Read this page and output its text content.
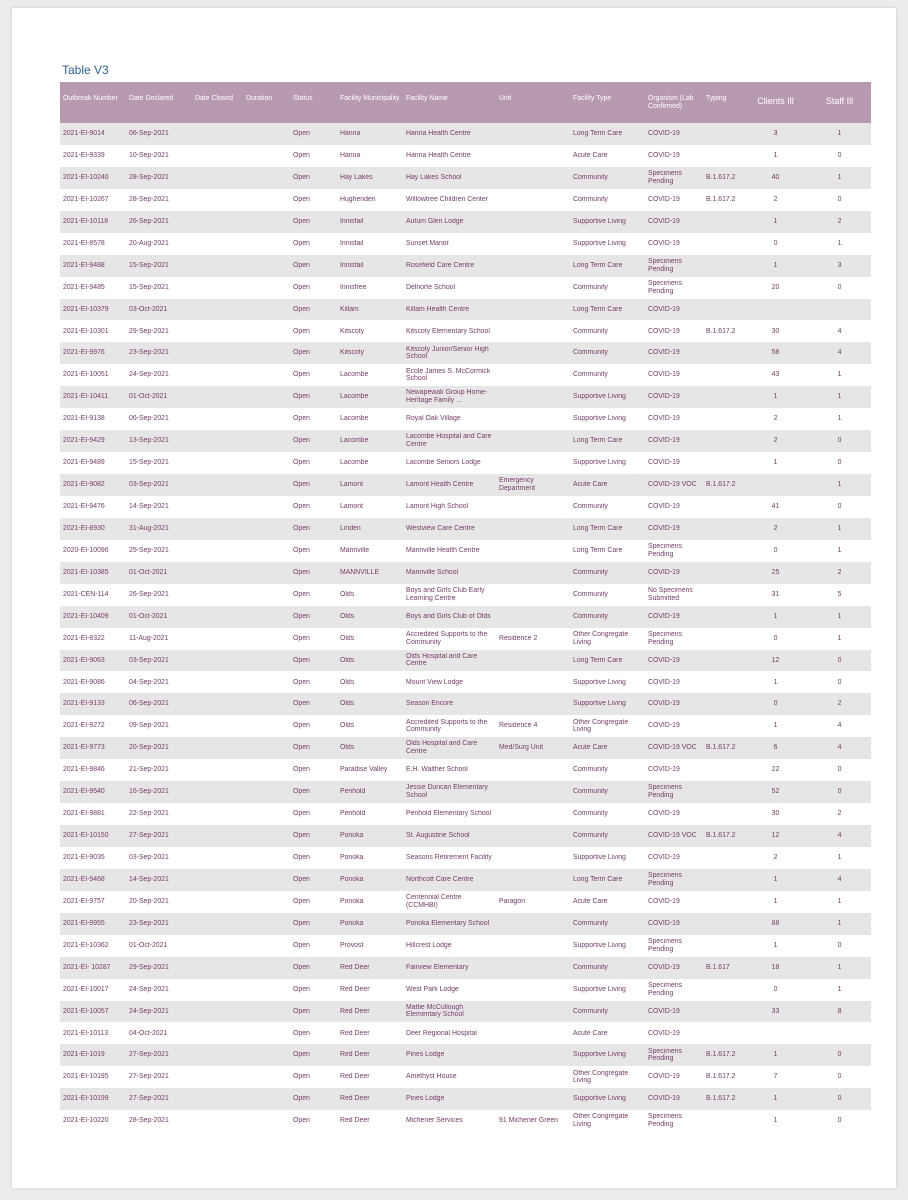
Table V3
Outbreak Number	Date Declared	Date Closed	Duration	Status	Facility Municipality	Facility Name	Unit	Facility Type	Organism (Lab Confirmed)	Typing	Clients Ill	Staff Ill

2021-EI-9014	06-Sep-2021			Open	Hanna	Hanna Health Centre		Long Term Care	COVID-19		3	1

2021-EI-9339	10-Sep-2021			Open	Hanna	Hanna Health Centre		Acute Care	COVID-19		1	0

2021-EI-10240	28-Sep-2021			Open	Hay Lakes	Hay Lakes School		Community	Specimens Pending	B.1.617.2	40	1

2021-EI-10267	28-Sep-2021			Open	Hughenden	Willowtree Children Center		Community	COVID-19	B.1.617.2	2	0

2021-EI-10118	26-Sep-2021			Open	Innisfail	Autum Glen Lodge		Supportive Living	COVID-19		1	2

2021-EI-8578	20-Aug-2021			Open	Innisfail	Sunset Manor		Supportive Living	COVID-19		0	1

2021-EI-9488	15-Sep-2021			Open	Innisfail	Rosefield Care Centre		Long Term Care	Specimens Pending		1	3

2021-EI-9485	15-Sep-2021			Open	Innisfree	Delnorte School		Community	Specimens Pending		20	0

2021-EI-10379	03-Oct-2021			Open	Killam	Killam Health Centre		Long Term Care	COVID-19			

2021-EI-10301	29-Sep-2021			Open	Kitscoty	Kitscoty Elementary School		Community	COVID-19	B.1.617.2	30	4

2021-EI-9976	23-Sep-2021			Open	Kitscoty	Kitscoty Junior/Senior High School		Community	COVID-19		58	4

2021-EI-10051	24-Sep-2021			Open	Lacombe	Ecole James S. McCormick School		Community	COVID-19		43	1

2021-EI-10411	01-Oct-2021			Open	Lacombe	Newapewak Group Home- Heritage Family ...		Supportive Living	COVID-19		1	1

2021-EI-9138	06-Sep-2021			Open	Lacombe	Royal Oak Village		Supportive Living	COVID-19		2	1

2021-EI-9429	13-Sep-2021			Open	Lacombe	Lacombe Hospital and Care Centre		Long Term Care	COVID-19		2	0

2021-EI-9489	15-Sep-2021			Open	Lacombe	Lacombe Seniors Lodge		Supportive Living	COVID-19		1	0

2021-EI-9082	03-Sep-2021			Open	Lamont	Lamont Health Centre	Emergency Department	Acute Care	COVID-19 VOC	B.1.617.2		1

2021-EI-9476	14-Sep-2021			Open	Lamont	Lamont High School		Community	COVID-19		41	0

2021-EI-8930	31-Aug-2021			Open	Linden	Westview Care Centre		Long Term Care	COVID-19		2	1

2020-EI-10096	25-Sep-2021			Open	Mannville	Mannville Health Centre		Long Term Care	Specimens Pending		0	1

2021-EI-10385	01-Oct-2021			Open	MANNVILLE	Mannville School		Community	COVID-19		25	2

2021-CEN-114	26-Sep-2021			Open	Olds	Boys and Girls Club Early Learning Centre		Community	No Specimens Submitted		31	5

2021-EI-10409	01-Oct-2021			Open	Olds	Boys and Girls Club of Olds		Community	COVID-19		1	1

2021-EI-8322	11-Aug-2021			Open	Olds	Accredited Supports to the Community	Residence 2	Other Congregate Living	Specimens Pending		0	1

2021-EI-9063	03-Sep-2021			Open	Olds	Olds Hospital and Care Centre		Long Term Care	COVID-19		12	0

2021-EI-9086	04-Sep-2021			Open	Olds	Mount View Lodge		Supportive Living	COVID-19		1	0

2021-EI-9133	06-Sep-2021			Open	Olds	Season Encore		Supportive Living	COVID-19		0	2

2021-EI-9272	09-Sep-2021			Open	Olds	Accredited Supports to the Community	Residence 4	Other Congregate Living	COVID-19		1	4

2021-EI-9773	20-Sep-2021			Open	Olds	Olds Hospital and Care Centre	Med/Surg Unit	Acute Care	COVID-19 VOC	B.1.617.2	6	4

2021-EI-9846	21-Sep-2021			Open	Paradise Valley	E.H. Walther School		Community	COVID-19		22	0

2021-EI-9540	16-Sep-2021			Open	Penhold	Jessie Duncan Elementary School		Community	Specimens Pending		52	0

2021-EI-9881	22-Sep-2021			Open	Penhold	Penhold Elementary School		Community	COVID-19		30	2

2021-EI-10150	27-Sep-2021			Open	Ponoka	St. Augustine School		Community	COVID-19 VOC	B.1.617.2	12	4

2021-EI-9035	03-Sep-2021			Open	Ponoka	Seasons Retirement Facility		Supportive Living	COVID-19		2	1

2021-EI-9468	14-Sep-2021			Open	Ponoka	Northcott Care Centre		Long Term Care	Specimens Pending		1	4

2021-EI-9757	20-Sep-2021			Open	Ponoka	Centennial Centre (CCMHBI)	Paragon	Acute Care	COVID-19		1	1

2021-EI-9955	23-Sep-2021			Open	Ponoka	Ponoka Elementary School		Community	COVID-19		88	1

2021-EI-10362	01-Oct-2021			Open	Provost	Hillcrest Lodge		Supportive Living	Specimens Pending		1	0

2021-EI- 10287	29-Sep-2021			Open	Red Deer	Fairview Elementary		Community	COVID-19	B.1.617	18	1

2021-EI-10017	24-Sep-2021			Open	Red Deer	West Park Lodge		Supportive Living	Specimens Pending		0	1

2021-EI-10057	24-Sep-2021			Open	Red Deer	Mattie McCullough Elementary School		Community	COVID-19		33	8

2021-EI-10113	04-Oct-2021			Open	Red Deer	Deer Regional Hospital		Acute Care	COVID-19			

2021-EI-1019	27-Sep-2021			Open	Red Deer	Pines Lodge		Supportive Living	Specimens Pending	B.1.617.2	1	0

2021-EI-10195	27-Sep-2021			Open	Red Deer	Amethyst House		Other Congregate Living	COVID-19	B.1.617.2	7	0

2021-EI-10199	27-Sep-2021			Open	Red Deer	Pines Lodge		Supportive Living	COVID-19	B.1.617.2	1	0

2021-EI-10220	28-Sep-2021			Open	Red Deer	Michener Services	91 Michener Green	Other Congregate Living	Specimens Pending		1	0
